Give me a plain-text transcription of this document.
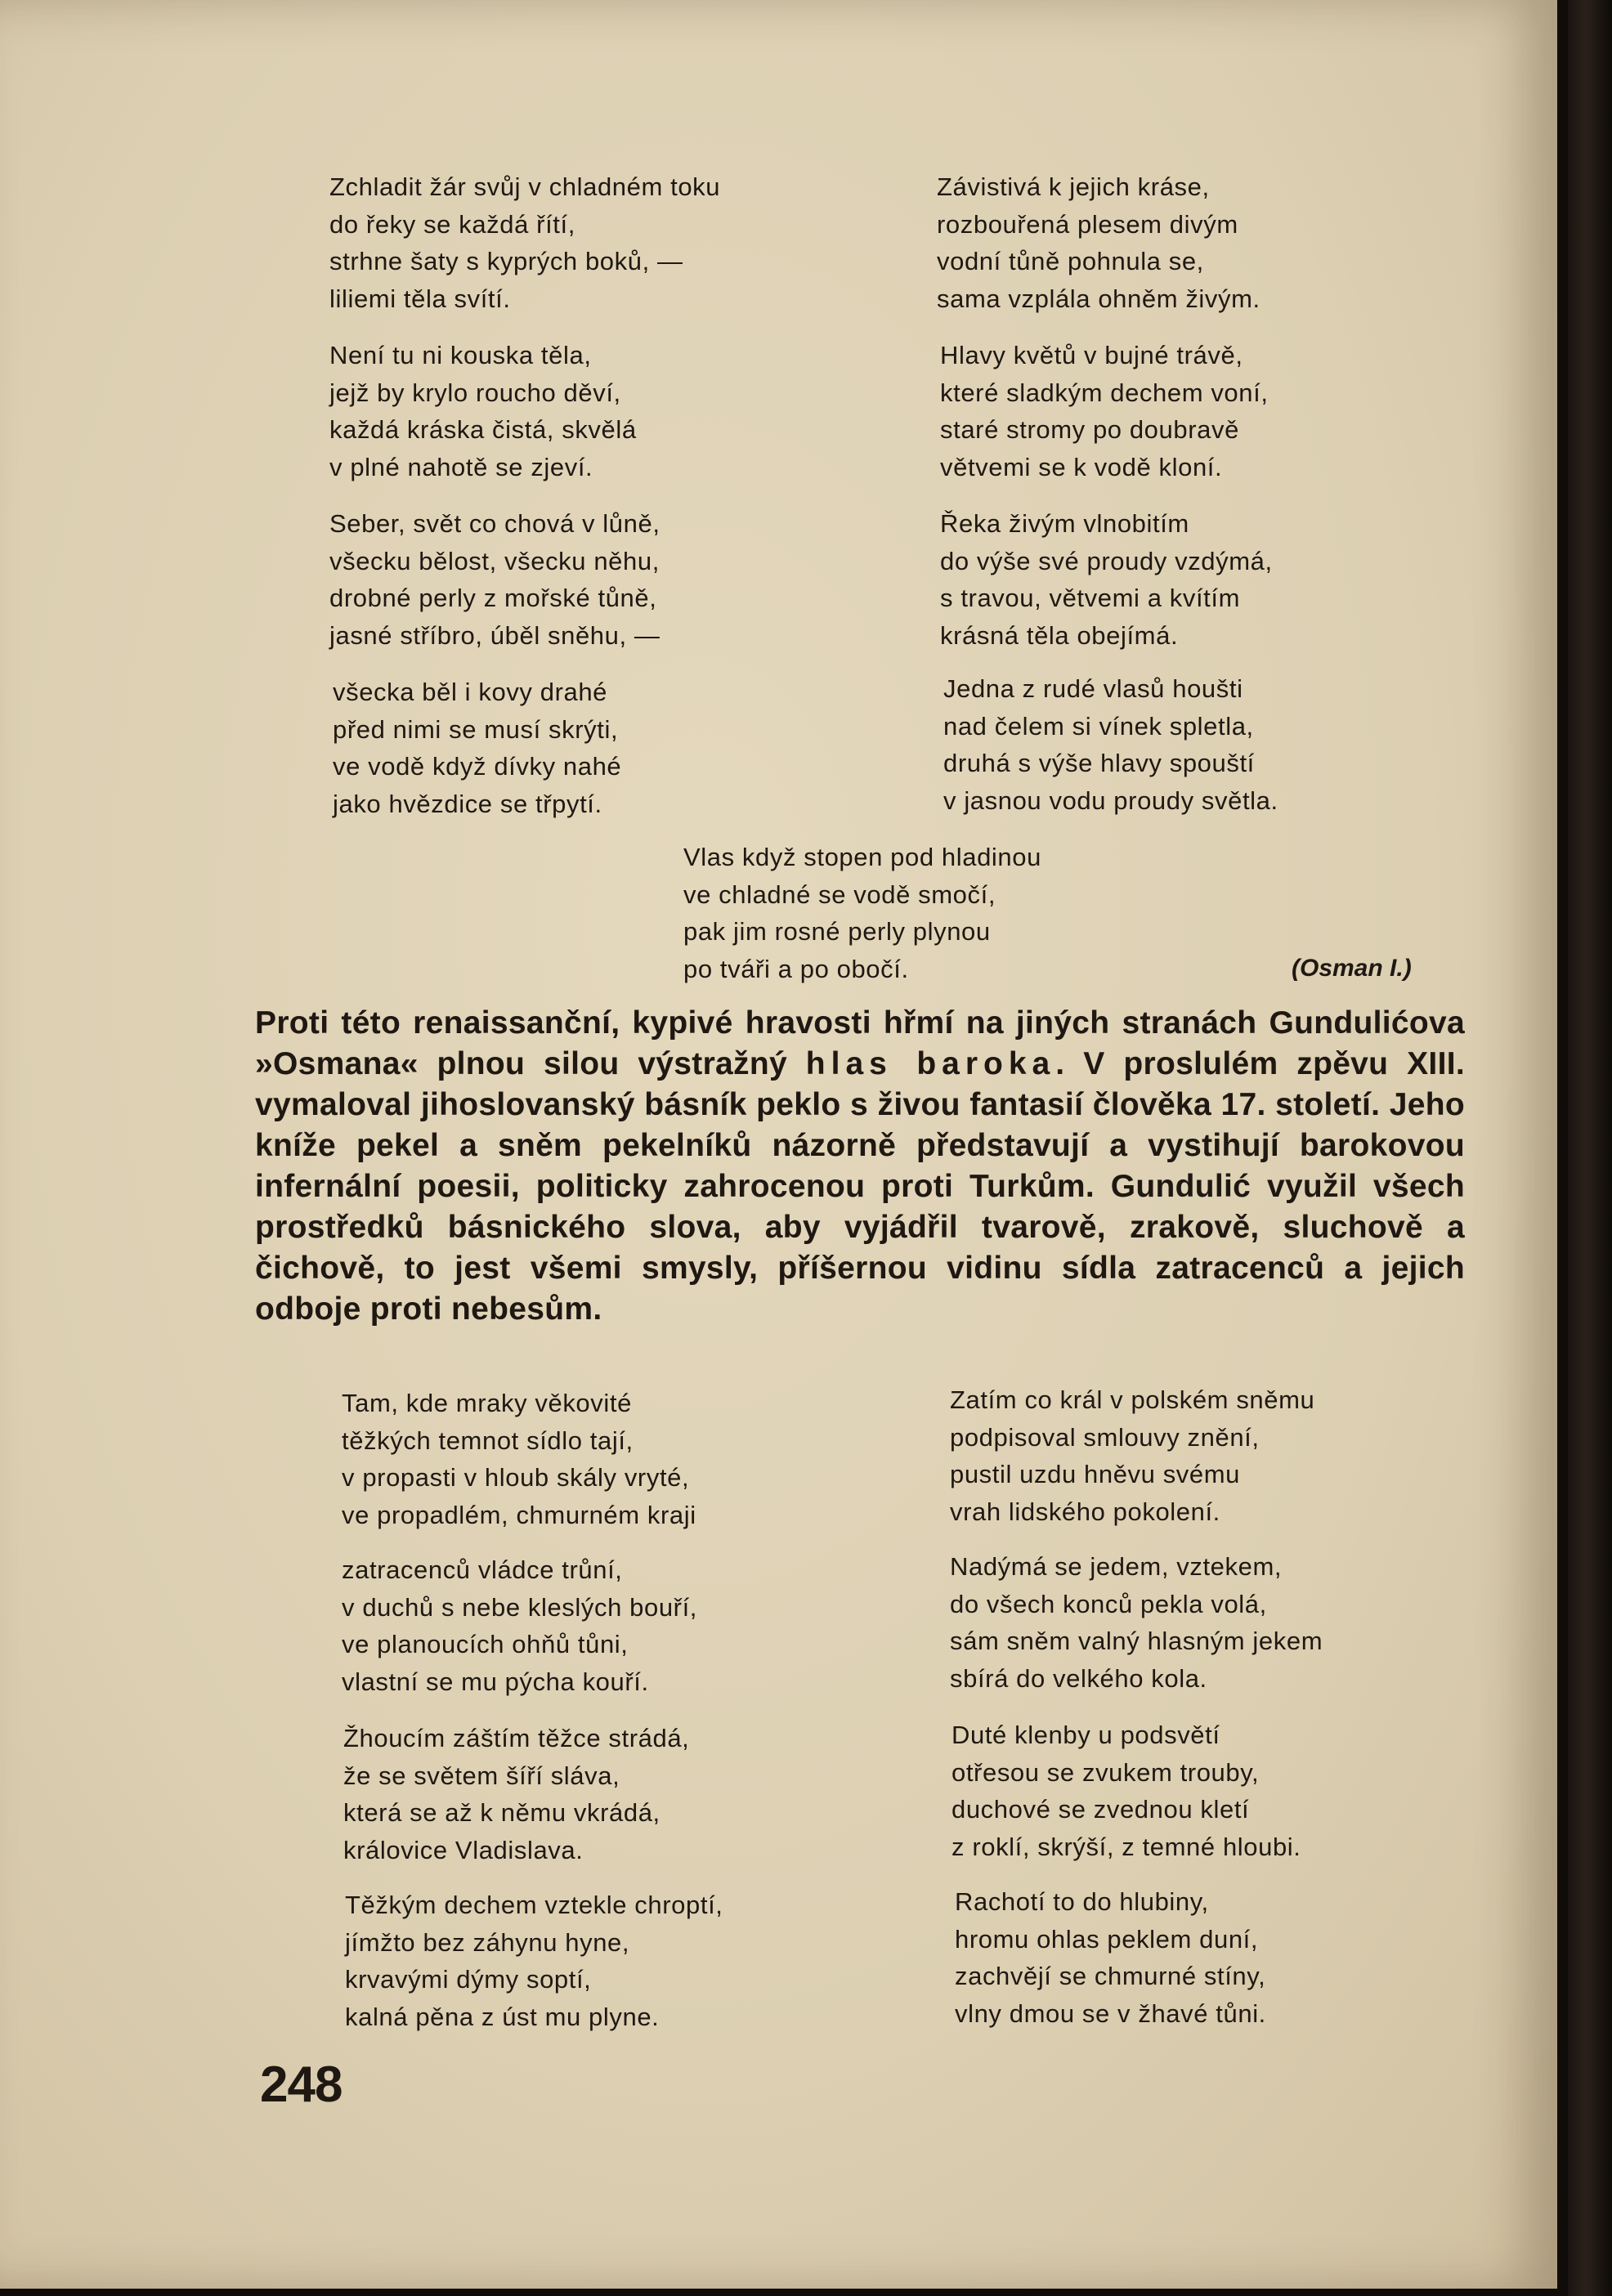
Zchladit žár svůj v chladném toku
do řeky se každá řítí,
strhne šaty s kyprých boků, —
liliemi těla svítí.
Není tu ni kouska těla,
jejž by krylo roucho děví,
každá kráska čistá, skvělá
v plné nahotě se zjeví.
Seber, svět co chová v lůně,
všecku bělost, všecku něhu,
drobné perly z mořské tůně,
jasné stříbro, úběl sněhu, —
všecka běl i kovy drahé
před nimi se musí skrýti,
ve vodě když dívky nahé
jako hvězdice se třpytí.
Závistivá k jejich kráse,
rozbouřená plesem divým
vodní tůně pohnula se,
sama vzplála ohněm živým.
Hlavy květů v bujné trávě,
které sladkým dechem voní,
staré stromy po doubravě
větvemi se k vodě kloní.
Řeka živým vlnobitím
do výše své proudy vzdýmá,
s travou, větvemi a kvítím
krásná těla obejímá.
Jedna z rudé vlasů houšti
nad čelem si vínek spletla,
druhá s výše hlavy spouští
v jasnou vodu proudy světla.
Vlas když stopen pod hladinou
ve chladné se vodě smočí,
pak jim rosné perly plynou
po tváři a po obočí.	(Osman I.)

Proti této renaissanční, kypivé hravosti hřmí na jiných stranách Gundulićova »Osmana« plnou silou výstražný hlas baroka. V proslulém zpěvu XIII. vymaloval jihoslovanský básník peklo s živou fantasií člověka 17. století. Jeho kníže pekel a sněm pekelníků názorně představují a vystihují barokovou infernální poesii, politicky zahrocenou proti Turkům. Gundulić využil všech prostředků básnického slova, aby vyjádřil tvarově, zrakově, sluchově a čichově, to jest všemi smysly, příšernou vidinu sídla zatracenců a jejich odboje proti nebesům.

Tam, kde mraky věkovité
těžkých temnot sídlo tají,
v propasti v hloub skály vryté,
ve propadlém, chmurném kraji
zatracenců vládce trůní,
v duchů s nebe kleslých bouří,
ve planoucích ohňů tůni,
vlastní se mu pýcha kouří.
Žhoucím záštím těžce strádá,
že se světem šíří sláva,
která se až k němu vkrádá,
královice Vladislava.
Těžkým dechem vztekle chroptí,
jímžto bez záhynu hyne,
krvavými dýmy soptí,
kalná pěna z úst mu plyne.
Zatím co král v polském sněmu
podpisoval smlouvy znění,
pustil uzdu hněvu svému
vrah lidského pokolení.
Nadýmá se jedem, vztekem,
do všech konců pekla volá,
sám sněm valný hlasným jekem
sbírá do velkého kola.
Duté klenby u podsvětí
otřesou se zvukem trouby,
duchové se zvednou kletí
z roklí, skrýší, z temné hloubi.
Rachotí to do hlubiny,
hromu ohlas peklem duní,
zachvějí se chmurné stíny,
vlny dmou se v žhavé tůni.
248
